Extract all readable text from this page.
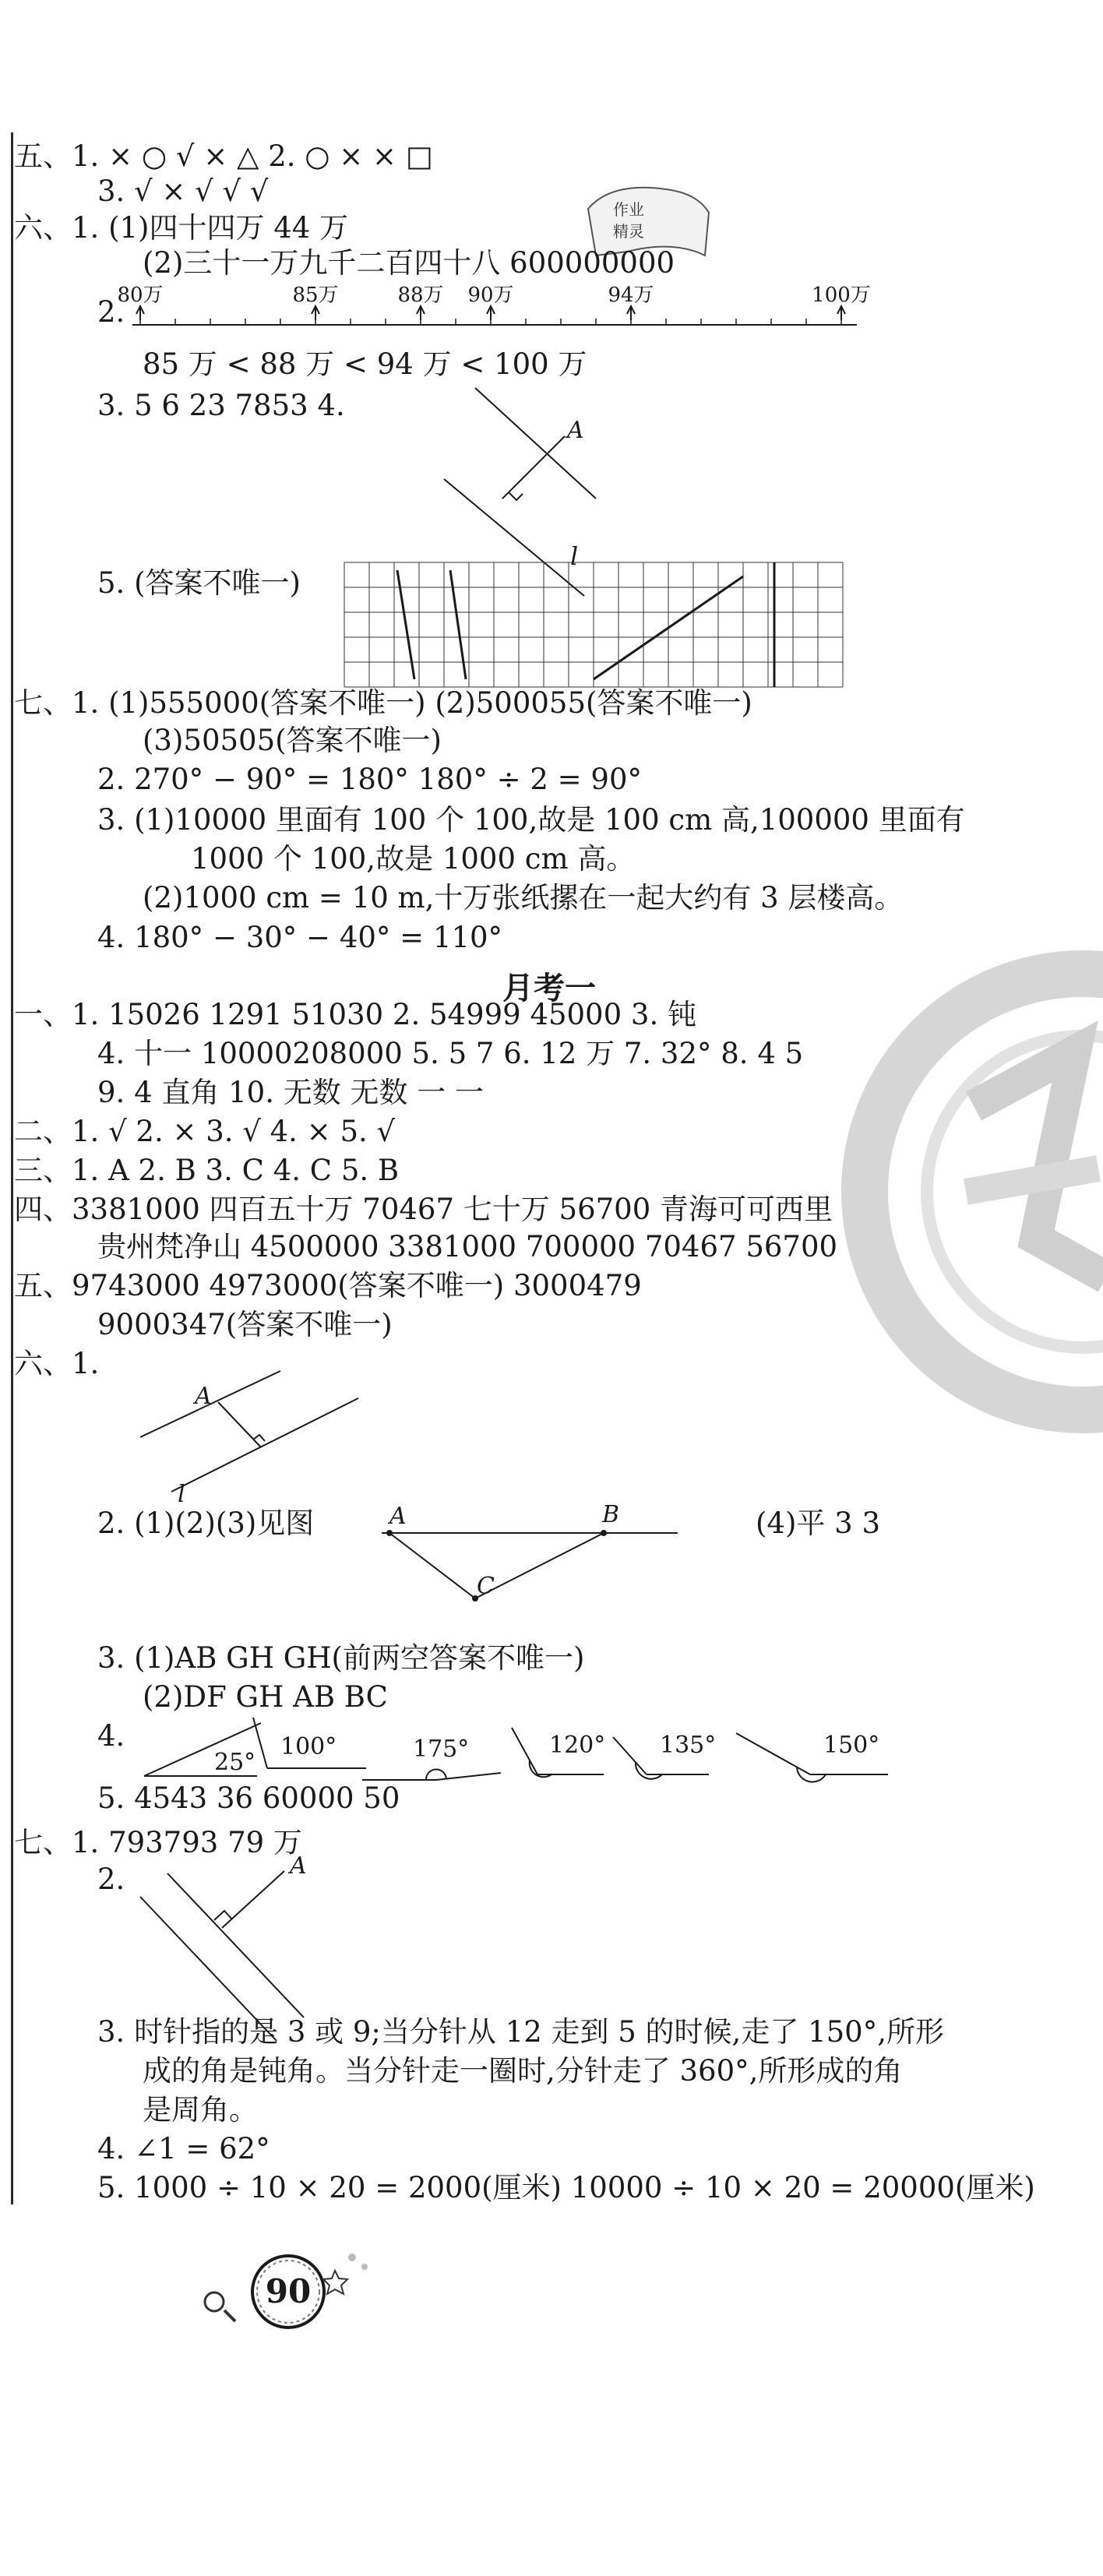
五、1. × ○ √ × △ 2. ○ × × □
3. √ × √ √ √
作业
精灵
六、1. (1)四十四万 44 万
(2)三十一万九千二百四十八 600000000
2.
80万	85万	88万 90万	94万	100万
85 万 < 88 万 < 94 万 < 100 万
3. 5 6 23 7853 4.
A
l
5. (答案不唯一)
七、1. (1)555000(答案不唯一) (2)500055(答案不唯一)
(3)50505(答案不唯一)
2. 270° − 90° = 180° 180° ÷ 2 = 90°
3. (1)10000 里面有 100 个 100,故是 100 cm 高,100000 里面有
1000 个 100,故是 1000 cm 高。
(2)1000 cm = 10 m,十万张纸摞在一起大约有 3 层楼高。
4. 180° − 30° − 40° = 110°
月考一
一、1. 15026 1291 51030 2. 54999 45000 3. 钝
4. 十一 10000208000 5. 5 7 6. 12 万 7. 32° 8. 4 5
9. 4 直角 10. 无数 无数 一 一
二、1. √ 2. × 3. √ 4. × 5. √
三、1. A 2. B 3. C 4. C 5. B
四、3381000 四百五十万 70467 七十万 56700 青海可可西里
贵州梵净山 4500000 3381000 700000 70467 56700
五、9743000 4973000(答案不唯一) 3000479
9000347(答案不唯一)
六、1.
A
l
2. (1)(2)(3)见图	A	B
C
(4)平 3 3
3. (1)AB GH GH(前两空答案不唯一)
(2)DF GH AB BC
4.
25°
100°	175°	120° 135°	150°
5. 4543 36 60000 50
七、1. 793793 79 万
2.	A
3. 时针指的是 3 或 9;当分针从 12 走到 5 的时候,走了 150°,所形
成的角是钝角。当分针走一圈时,分针走了 360°,所形成的角
是周角。
4. ∠1 = 62°
5. 1000 ÷ 10 × 20 = 2000(厘米) 10000 ÷ 10 × 20 = 20000(厘米)
90
